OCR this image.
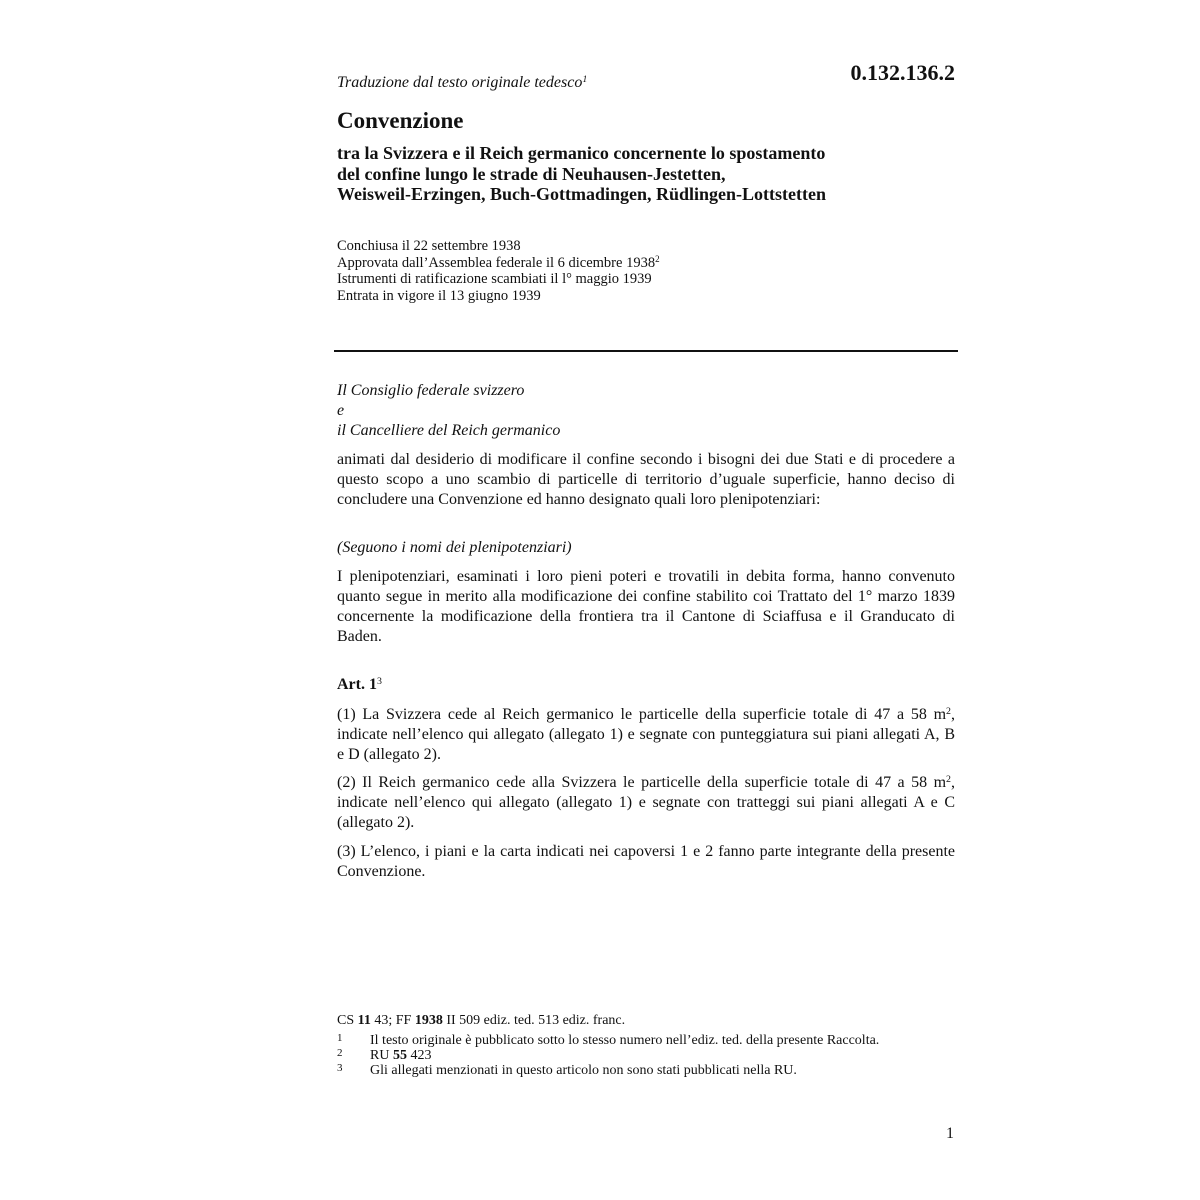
Traduzione dal testo originale tedesco$^1$	0.132.136.2
Convenzione
tra la Svizzera e il Reich germanico concernente lo spostamento
del confine lungo le strade di Neuhausen-Jestetten,
Weisweil-Erzingen, Buch-Gottmadingen, Rüdlingen-Lottstetten
Conchiusa il 22 settembre 1938
Approvata dall’Assemblea federale il 6 dicembre 1938$^2$
Istrumenti di ratificazione scambiati il l° maggio 1939
Entrata in vigore il 13 giugno 1939
Il Consiglio federale svizzero
e
il Cancelliere del Reich germanico
animati dal desiderio di modificare il confine secondo i bisogni dei due Stati e di procedere a questo scopo a uno scambio di particelle di territorio d’uguale superficie, hanno deciso di concludere una Convenzione ed hanno designato quali loro plenipotenziari:
(Seguono i nomi dei plenipotenziari)
I plenipotenziari, esaminati i loro pieni poteri e trovatili in debita forma, hanno convenuto quanto segue in merito alla modificazione dei confine stabilito coi Trattato del 1° marzo 1839 concernente la modificazione della frontiera tra il Cantone di Sciaffusa e il Granducato di Baden.
Art. $1^3$
(1) La Svizzera cede al Reich germanico le particelle della superficie totale di 47 a 58 $m^2$, indicate nell’elenco qui allegato (allegato 1) e segnate con punteggiatura sui piani allegati A, B e D (allegato 2).
(2) Il Reich germanico cede alla Svizzera le particelle della superficie totale di 47 a 58 $m^2$, indicate nell’elenco qui allegato (allegato 1) e segnate con tratteggi sui piani allegati A e C (allegato 2).
(3) L’elenco, i piani e la carta indicati nei capoversi 1 e 2 fanno parte integrante della presente Convenzione.
CS 11 43; FF 1938 II 509 ediz. ted. 513 ediz. franc.
1	Il testo originale è pubblicato sotto lo stesso numero nell’ediz. ted. della presente Raccolta.
2	RU 55 423
3	Gli allegati menzionati in questo articolo non sono stati pubblicati nella RU.
1
